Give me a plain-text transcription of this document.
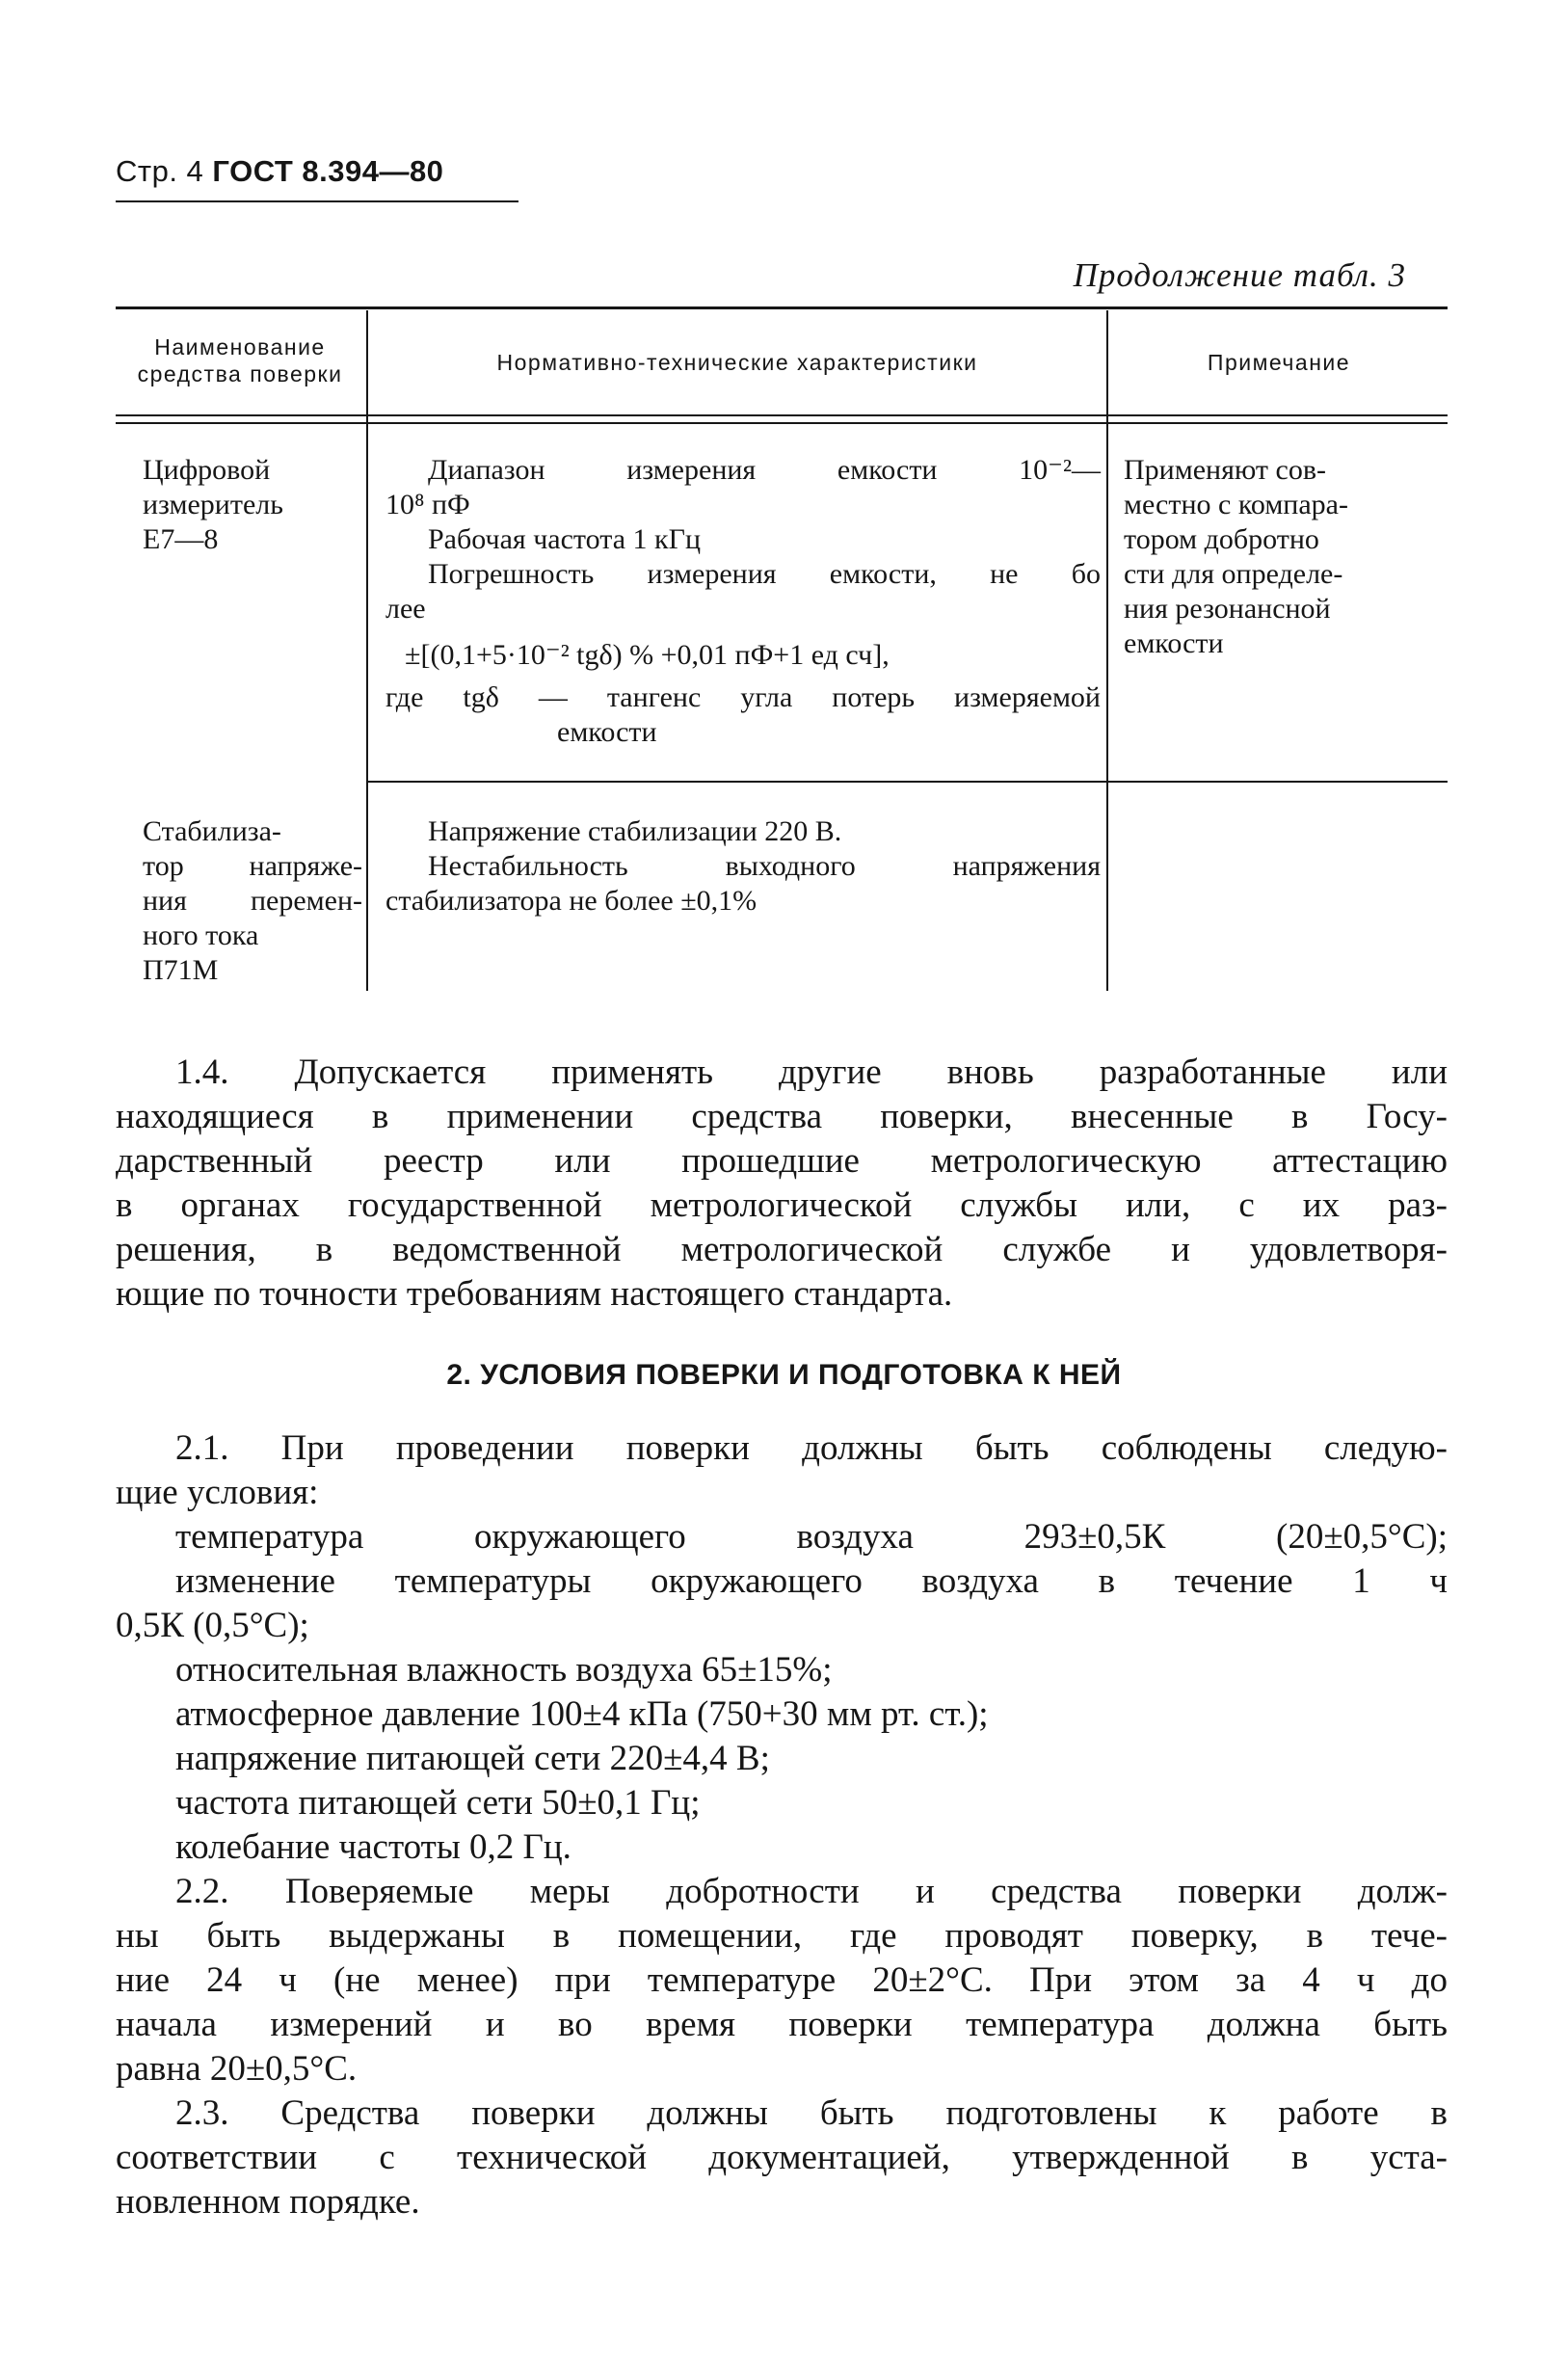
Стр. 4 ГОСТ 8.394—80
Продолжение табл. 3
Наименование
средства поверки	Нормативно-технические характеристики	Примечание

Цифровой

измеритель

Е7—8

Диапазон измерения емкости 10⁻²—

10⁸ пФ

Рабочая частота 1 кГц

Погрешность измерения емкости, не бо

лее

±[(0,1+5·10⁻² tgδ) % +0,01 пФ+1 ед сч],

где tgδ — тангенс угла потерь измеряемой

емкости

Применяют сов-

местно с компара-

тором добротно

сти для определе-

ния резонансной

емкости

Стабилиза-

тор напряже-

ния перемен-

ного тока

П71М

Напряжение стабилизации 220 В.

Нестабильность выходного напряжения

стабилизатора не более ±0,1%

1.4. Допускается применять другие вновь разработанные или

находящиеся в применении средства поверки, внесенные в Госу-

дарственный реестр или прошедшие метрологическую аттестацию

в органах государственной метрологической службы или, с их раз-

решения, в ведомственной метрологической службе и удовлетворя-

ющие по точности требованиям настоящего стандарта.

2. УСЛОВИЯ ПОВЕРКИ И ПОДГОТОВКА К НЕЙ

2.1. При проведении поверки должны быть соблюдены следую-

щие условия:

температура окружающего воздуха 293±0,5К (20±0,5°С);

изменение температуры окружающего воздуха в течение 1 ч

0,5К (0,5°С);

относительная влажность воздуха 65±15%;

атмосферное давление 100±4 кПа (750+30 мм рт. ст.);

напряжение питающей сети 220±4,4 В;

частота питающей сети 50±0,1 Гц;

колебание частоты 0,2 Гц.

2.2. Поверяемые меры добротности и средства поверки долж-

ны быть выдержаны в помещении, где проводят поверку, в тече-

ние 24 ч (не менее) при температуре 20±2°С. При этом за 4 ч до

начала измерений и во время поверки температура должна быть

равна 20±0,5°С.

2.3. Средства поверки должны быть подготовлены к работе в

соответствии с технической документацией, утвержденной в уста-

новленном порядке.
